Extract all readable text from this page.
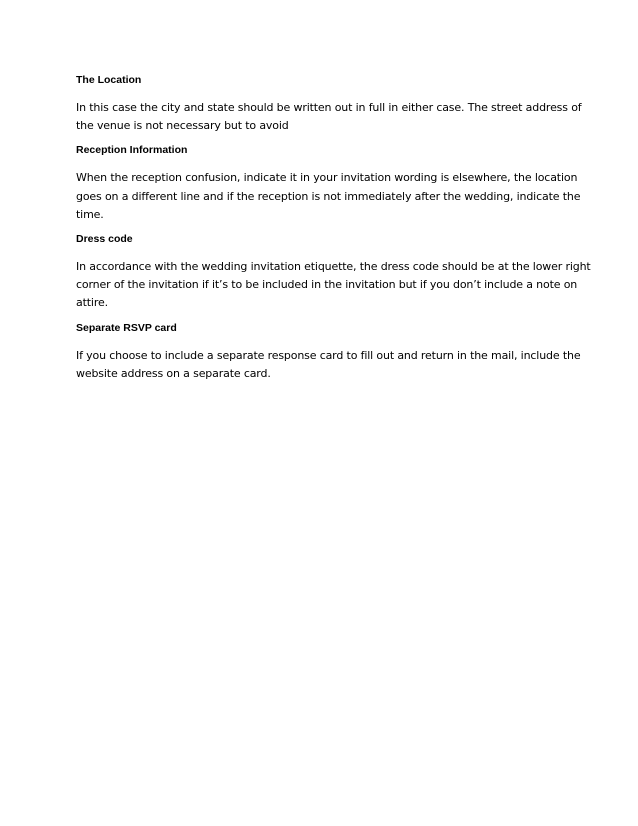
The Location

In this case the city and state should be written out in full in either case. The street address of
the venue is not necessary but to avoid

Reception Information

When the reception confusion, indicate it in your invitation wording is elsewhere, the location
goes on a different line and if the reception is not immediately after the wedding, indicate the
time.

Dress code

In accordance with the wedding invitation etiquette, the dress code should be at the lower right
corner of the invitation if it’s to be included in the invitation but if you don’t include a note on
attire.

Separate RSVP card

If you choose to include a separate response card to fill out and return in the mail, include the
website address on a separate card.
